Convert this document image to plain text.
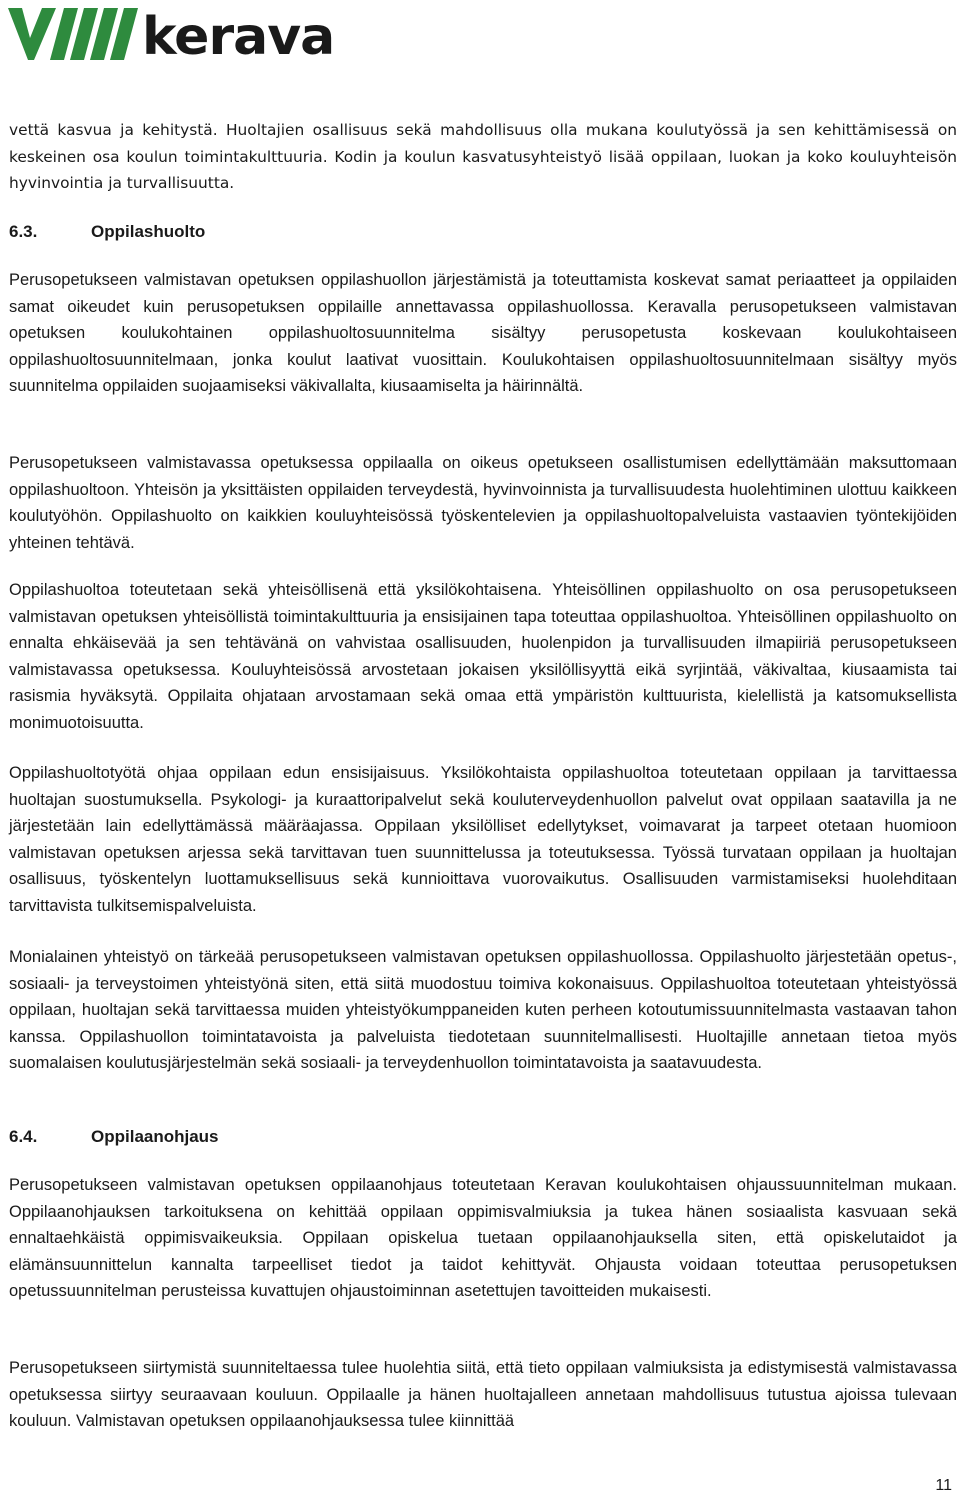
kerava

vettä kasvua ja kehitystä. Huoltajien osallisuus sekä mahdollisuus olla mukana koulutyössä ja sen kehittämisessä on keskeinen osa koulun toimintakulttuuria. Kodin ja koulun kasvatusyhteistyö lisää oppilaan, luokan ja koko kouluyhteisön hyvinvointia ja turvallisuutta.

6.3.	Oppilashuolto

Perusopetukseen valmistavan opetuksen oppilashuollon järjestämistä ja toteuttamista koskevat samat periaatteet ja oppilaiden samat oikeudet kuin perusopetuksen oppilaille annettavassa oppilashuollossa. Keravalla perusopetukseen valmistavan opetuksen koulukohtainen oppilashuoltosuunnitelma sisältyy perusopetusta koskevaan koulukohtaiseen oppilashuoltosuunnitelmaan, jonka koulut laativat vuosittain. Koulukohtaisen oppilashuoltosuunnitelmaan sisältyy myös suunnitelma oppilaiden suojaamiseksi väkivallalta, kiusaamiselta ja häirinnältä.

Perusopetukseen valmistavassa opetuksessa oppilaalla on oikeus opetukseen osallistumisen edellyttämään maksuttomaan oppilashuoltoon. Yhteisön ja yksittäisten oppilaiden terveydestä, hyvinvoinnista ja turvallisuudesta huolehtiminen ulottuu kaikkeen koulutyöhön. Oppilashuolto on kaikkien kouluyhteisössä työskentelevien ja oppilashuoltopalveluista vastaavien työntekijöiden yhteinen tehtävä.

Oppilashuoltoa toteutetaan sekä yhteisöllisenä että yksilökohtaisena. Yhteisöllinen oppilashuolto on osa perusopetukseen valmistavan opetuksen yhteisöllistä toimintakulttuuria ja ensisijainen tapa toteuttaa oppilashuoltoa. Yhteisöllinen oppilashuolto on ennalta ehkäisevää ja sen tehtävänä on vahvistaa osallisuuden, huolenpidon ja turvallisuuden ilmapiiriä perusopetukseen valmistavassa opetuksessa. Kouluyhteisössä arvostetaan jokaisen yksilöllisyyttä eikä syrjintää, väkivaltaa, kiusaamista tai rasismia hyväksytä. Oppilaita ohjataan arvostamaan sekä omaa että ympäristön kulttuurista, kielellistä ja katsomuksellista monimuotoisuutta.

Oppilashuoltotyötä ohjaa oppilaan edun ensisijaisuus. Yksilökohtaista oppilashuoltoa toteutetaan oppilaan ja tarvittaessa huoltajan suostumuksella. Psykologi- ja kuraattoripalvelut sekä kouluterveydenhuollon palvelut ovat oppilaan saatavilla ja ne järjestetään lain edellyttämässä määräajassa. Oppilaan yksilölliset edellytykset, voimavarat ja tarpeet otetaan huomioon valmistavan opetuksen arjessa sekä tarvittavan tuen suunnittelussa ja toteutuksessa. Työssä turvataan oppilaan ja huoltajan osallisuus, työskentelyn luottamuksellisuus sekä kunnioittava vuorovaikutus. Osallisuuden varmistamiseksi huolehditaan tarvittavista tulkitsemispalveluista.

Monialainen yhteistyö on tärkeää perusopetukseen valmistavan opetuksen oppilashuollossa. Oppilashuolto järjestetään opetus-, sosiaali- ja terveystoimen yhteistyönä siten, että siitä muodostuu toimiva kokonaisuus. Oppilashuoltoa toteutetaan yhteistyössä oppilaan, huoltajan sekä tarvittaessa muiden yhteistyökumppaneiden kuten perheen kotoutumissuunnitelmasta vastaavan tahon kanssa. Oppilashuollon toimintatavoista ja palveluista tiedotetaan suunnitelmallisesti. Huoltajille annetaan tietoa myös suomalaisen koulutusjärjestelmän sekä sosiaali- ja terveydenhuollon toimintatavoista ja saatavuudesta.

6.4.	Oppilaanohjaus

Perusopetukseen valmistavan opetuksen oppilaanohjaus toteutetaan Keravan koulukohtaisen ohjaussuunnitelman mukaan. Oppilaanohjauksen tarkoituksena on kehittää oppilaan oppimisvalmiuksia ja tukea hänen sosiaalista kasvuaan sekä ennaltaehkäistä oppimisvaikeuksia. Oppilaan opiskelua tuetaan oppilaanohjauksella siten, että opiskelutaidot ja elämänsuunnittelun kannalta tarpeelliset tiedot ja taidot kehittyvät. Ohjausta voidaan toteuttaa perusopetuksen opetussuunnitelman perusteissa kuvattujen ohjaustoiminnan asetettujen tavoitteiden mukaisesti.

Perusopetukseen siirtymistä suunniteltaessa tulee huolehtia siitä, että tieto oppilaan valmiuksista ja edistymisestä valmistavassa opetuksessa siirtyy seuraavaan kouluun. Oppilaalle ja hänen huoltajalleen annetaan mahdollisuus tutustua ajoissa tulevaan kouluun. Valmistavan opetuksen oppilaanohjauksessa tulee kiinnittää

11
